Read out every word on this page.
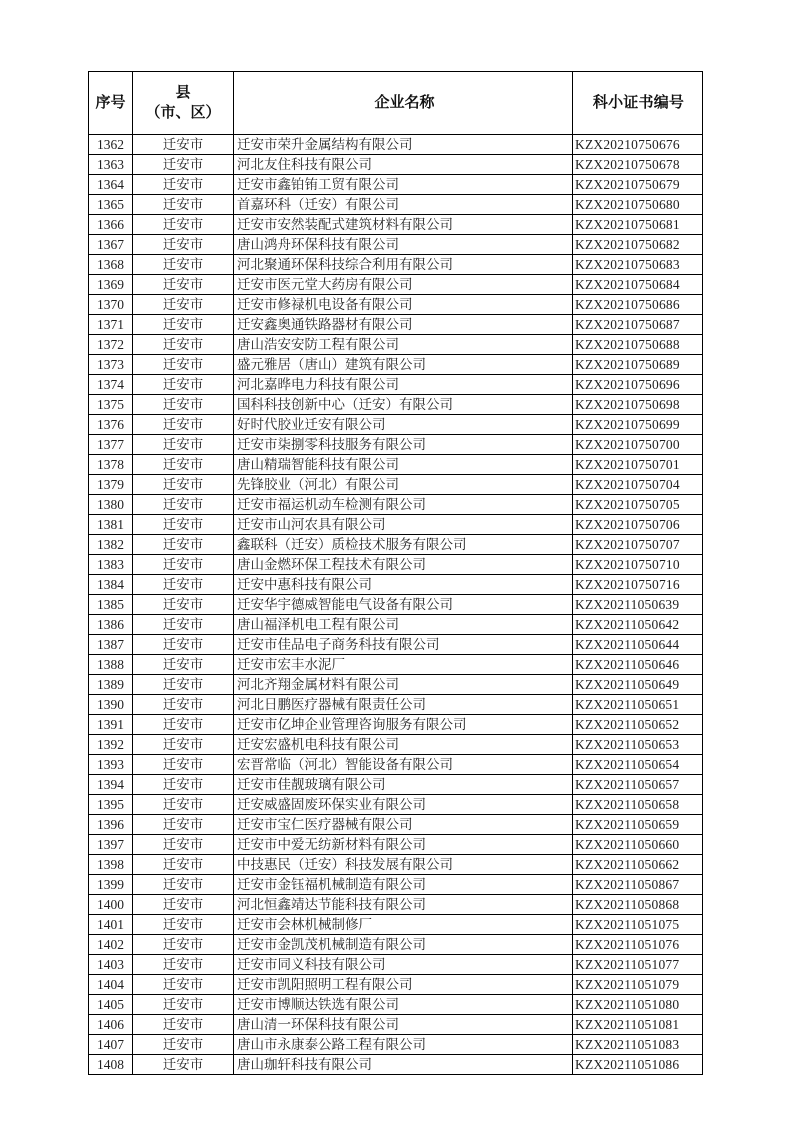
序号	县
（市、区）	企业名称	科小证书编号
1362	迁安市	迁安市荣升金属结构有限公司	KZX20210750676
1363	迁安市	河北友住科技有限公司	KZX20210750678
1364	迁安市	迁安市鑫铂铕工贸有限公司	KZX20210750679
1365	迁安市	首嘉环科（迁安）有限公司	KZX20210750680
1366	迁安市	迁安市安然装配式建筑材料有限公司	KZX20210750681
1367	迁安市	唐山鸿舟环保科技有限公司	KZX20210750682
1368	迁安市	河北聚通环保科技综合利用有限公司	KZX20210750683
1369	迁安市	迁安市医元堂大药房有限公司	KZX20210750684
1370	迁安市	迁安市修禄机电设备有限公司	KZX20210750686
1371	迁安市	迁安鑫奥通铁路器材有限公司	KZX20210750687
1372	迁安市	唐山浩安安防工程有限公司	KZX20210750688
1373	迁安市	盛元雅居（唐山）建筑有限公司	KZX20210750689
1374	迁安市	河北嘉晔电力科技有限公司	KZX20210750696
1375	迁安市	国科科技创新中心（迁安）有限公司	KZX20210750698
1376	迁安市	好时代胶业迁安有限公司	KZX20210750699
1377	迁安市	迁安市柒捌零科技服务有限公司	KZX20210750700
1378	迁安市	唐山精瑞智能科技有限公司	KZX20210750701
1379	迁安市	先锋胶业（河北）有限公司	KZX20210750704
1380	迁安市	迁安市福运机动车检测有限公司	KZX20210750705
1381	迁安市	迁安市山河农具有限公司	KZX20210750706
1382	迁安市	鑫联科（迁安）质检技术服务有限公司	KZX20210750707
1383	迁安市	唐山金燃环保工程技术有限公司	KZX20210750710
1384	迁安市	迁安中惠科技有限公司	KZX20210750716
1385	迁安市	迁安华宇德威智能电气设备有限公司	KZX20211050639
1386	迁安市	唐山福泽机电工程有限公司	KZX20211050642
1387	迁安市	迁安市佳品电子商务科技有限公司	KZX20211050644
1388	迁安市	迁安市宏丰水泥厂	KZX20211050646
1389	迁安市	河北齐翔金属材料有限公司	KZX20211050649
1390	迁安市	河北日鹏医疗器械有限责任公司	KZX20211050651
1391	迁安市	迁安市亿坤企业管理咨询服务有限公司	KZX20211050652
1392	迁安市	迁安宏盛机电科技有限公司	KZX20211050653
1393	迁安市	宏晋常临（河北）智能设备有限公司	KZX20211050654
1394	迁安市	迁安市佳靓玻璃有限公司	KZX20211050657
1395	迁安市	迁安威盛固废环保实业有限公司	KZX20211050658
1396	迁安市	迁安市宝仁医疗器械有限公司	KZX20211050659
1397	迁安市	迁安市中爱无纺新材料有限公司	KZX20211050660
1398	迁安市	中技惠民（迁安）科技发展有限公司	KZX20211050662
1399	迁安市	迁安市金钰福机械制造有限公司	KZX20211050867
1400	迁安市	河北恒鑫靖达节能科技有限公司	KZX20211050868
1401	迁安市	迁安市会林机械制修厂	KZX20211051075
1402	迁安市	迁安市金凯茂机械制造有限公司	KZX20211051076
1403	迁安市	迁安市同义科技有限公司	KZX20211051077
1404	迁安市	迁安市凯阳照明工程有限公司	KZX20211051079
1405	迁安市	迁安市博顺达铁选有限公司	KZX20211051080
1406	迁安市	唐山清一环保科技有限公司	KZX20211051081
1407	迁安市	唐山市永康泰公路工程有限公司	KZX20211051083
1408	迁安市	唐山珈轩科技有限公司	KZX20211051086
